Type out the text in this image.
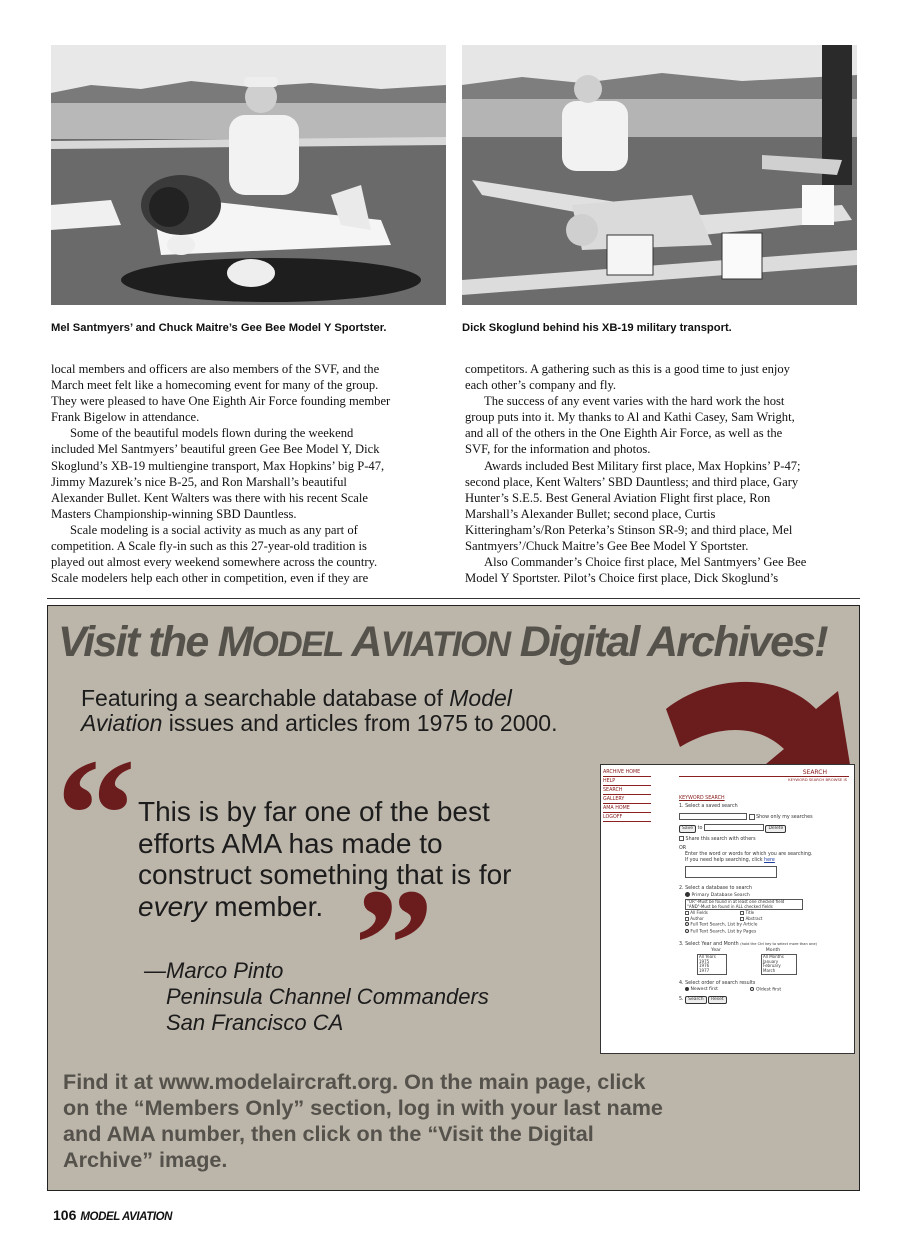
Mel Santmyers’ and Chuck Maitre’s Gee Bee Model Y Sportster.	Dick Skoglund behind his XB-19 military transport.

local members and officers are also members of the SVF, and the

March meet felt like a homecoming event for many of the group.

They were pleased to have One Eighth Air Force founding member

Frank Bigelow in attendance.

Some of the beautiful models flown during the weekend

included Mel Santmyers’ beautiful green Gee Bee Model Y, Dick

Skoglund’s XB-19 multiengine transport, Max Hopkins’ big P-47,

Jimmy Mazurek’s nice B-25, and Ron Marshall’s beautiful

Alexander Bullet. Kent Walters was there with his recent Scale

Masters Championship-winning SBD Dauntless.

Scale modeling is a social activity as much as any part of

competition. A Scale fly-in such as this 27-year-old tradition is

played out almost every weekend somewhere across the country.

Scale modelers help each other in competition, even if they are

competitors. A gathering such as this is a good time to just enjoy

each other’s company and fly.

The success of any event varies with the hard work the host

group puts into it. My thanks to Al and Kathi Casey, Sam Wright,

and all of the others in the One Eighth Air Force, as well as the

SVF, for the information and photos.

Awards included Best Military first place, Max Hopkins’ P-47;

second place, Kent Walters’ SBD Dauntless; and third place, Gary

Hunter’s S.E.5. Best General Aviation Flight first place, Ron

Marshall’s Alexander Bullet; second place, Curtis

Kitteringham’s/Ron Peterka’s Stinson SR-9; and third place, Mel

Santmyers’/Chuck Maitre’s Gee Bee Model Y Sportster.

Also Commander’s Choice first place, Mel Santmyers’ Gee Bee

Model Y Sportster. Pilot’s Choice first place, Dick Skoglund’s

Visit the MODEL AVIATION Digital Archives!
Featuring a searchable database of Model
Aviation issues and articles from 1975 to 2000.
“ This is by far one of the best
efforts AMA has made to
construct something that is for
every member. ”
—Marco Pinto
Peninsula Channel Commanders
San Francisco CA
ARCHIVE HOME
HELP
SEARCH
GALLERY
AMA HOME
LOGOFF
SEARCH
KEYWORD SEARCH BROWSE IS
KEYWORD SEARCH
1. Select a saved search
Show only my searches
Save to	Delete
Share this search with others
OR
Enter the word or words for which you are searching.
If you need help searching, click here
2. Select a database to search
Primary Database Search
"OR"-Must be found in at least one checked field
"AND"-Must be found in ALL checked fields
All Fields	Title
Author	Abstract
Full Text Search, List by Article
Full Text Search, List by Pages
3. Select Year and Month (hold the Ctrl key to select more than one)
Year	Month
All Years
1975
1976
1977
All Months
January
February
March
4. Select order of search results
Newest first	Oldest first
5. Search Reset
Find it at www.modelaircraft.org. On the main page, click
on the “Members Only” section, log in with your last name
and AMA number, then click on the “Visit the Digital
Archive” image.
106 MODEL AVIATION
